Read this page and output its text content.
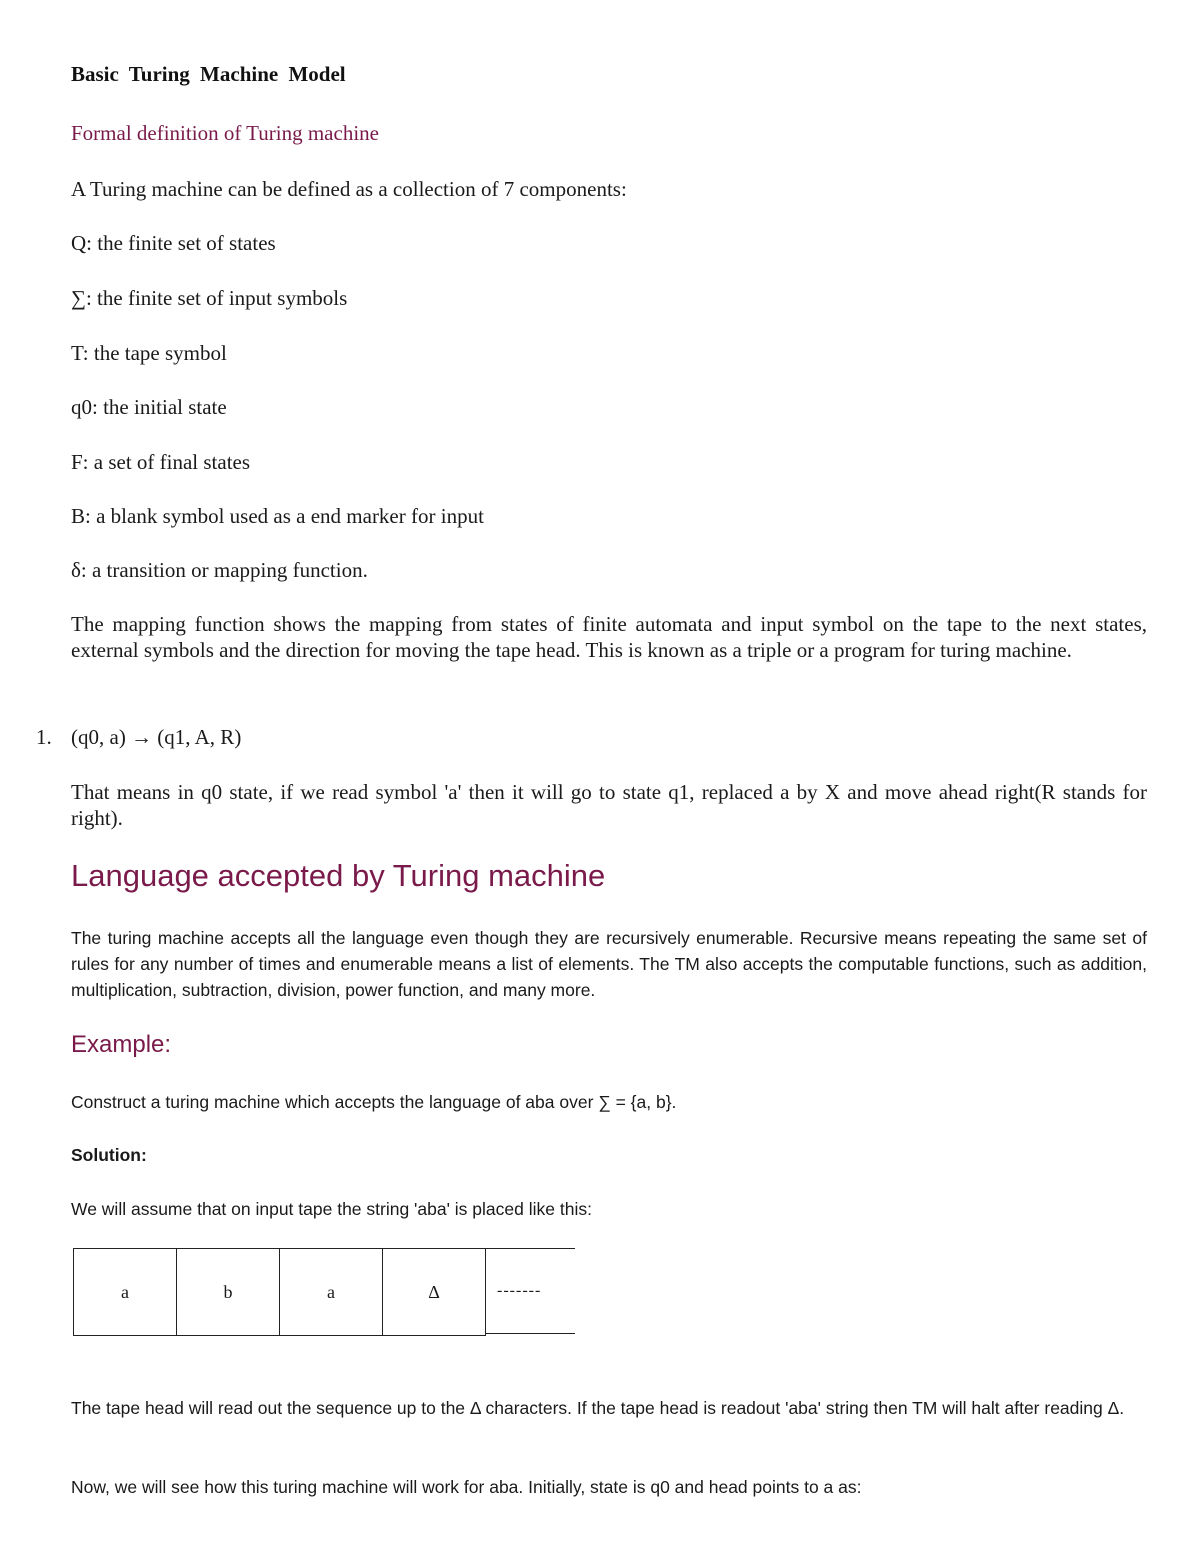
Basic Turing Machine Model

Formal definition of Turing machine

A Turing machine can be defined as a collection of 7 components:

Q: the finite set of states

∑: the finite set of input symbols

T: the tape symbol

q0: the initial state

F: a set of final states

B: a blank symbol used as a end marker for input

δ: a transition or mapping function.

The mapping function shows the mapping from states of finite automata and input symbol on the tape to the next states, external symbols and the direction for moving the tape head. This is known as a triple or a program for turing machine.

1. (q0, a) → (q1, A, R)

That means in q0 state, if we read symbol 'a' then it will go to state q1, replaced a by X and move ahead right(R stands for right).

Language accepted by Turing machine

The turing machine accepts all the language even though they are recursively enumerable. Recursive means repeating the same set of rules for any number of times and enumerable means a list of elements. The TM also accepts the computable functions, such as addition, multiplication, subtraction, division, power function, and many more.

Example:

Construct a turing machine which accepts the language of aba over ∑ = {a, b}.

Solution:

We will assume that on input tape the string 'aba' is placed like this:

a	b	a	Δ	-------

The tape head will read out the sequence up to the Δ characters. If the tape head is readout 'aba' string then TM will halt after reading Δ.

Now, we will see how this turing machine will work for aba. Initially, state is q0 and head points to a as:
